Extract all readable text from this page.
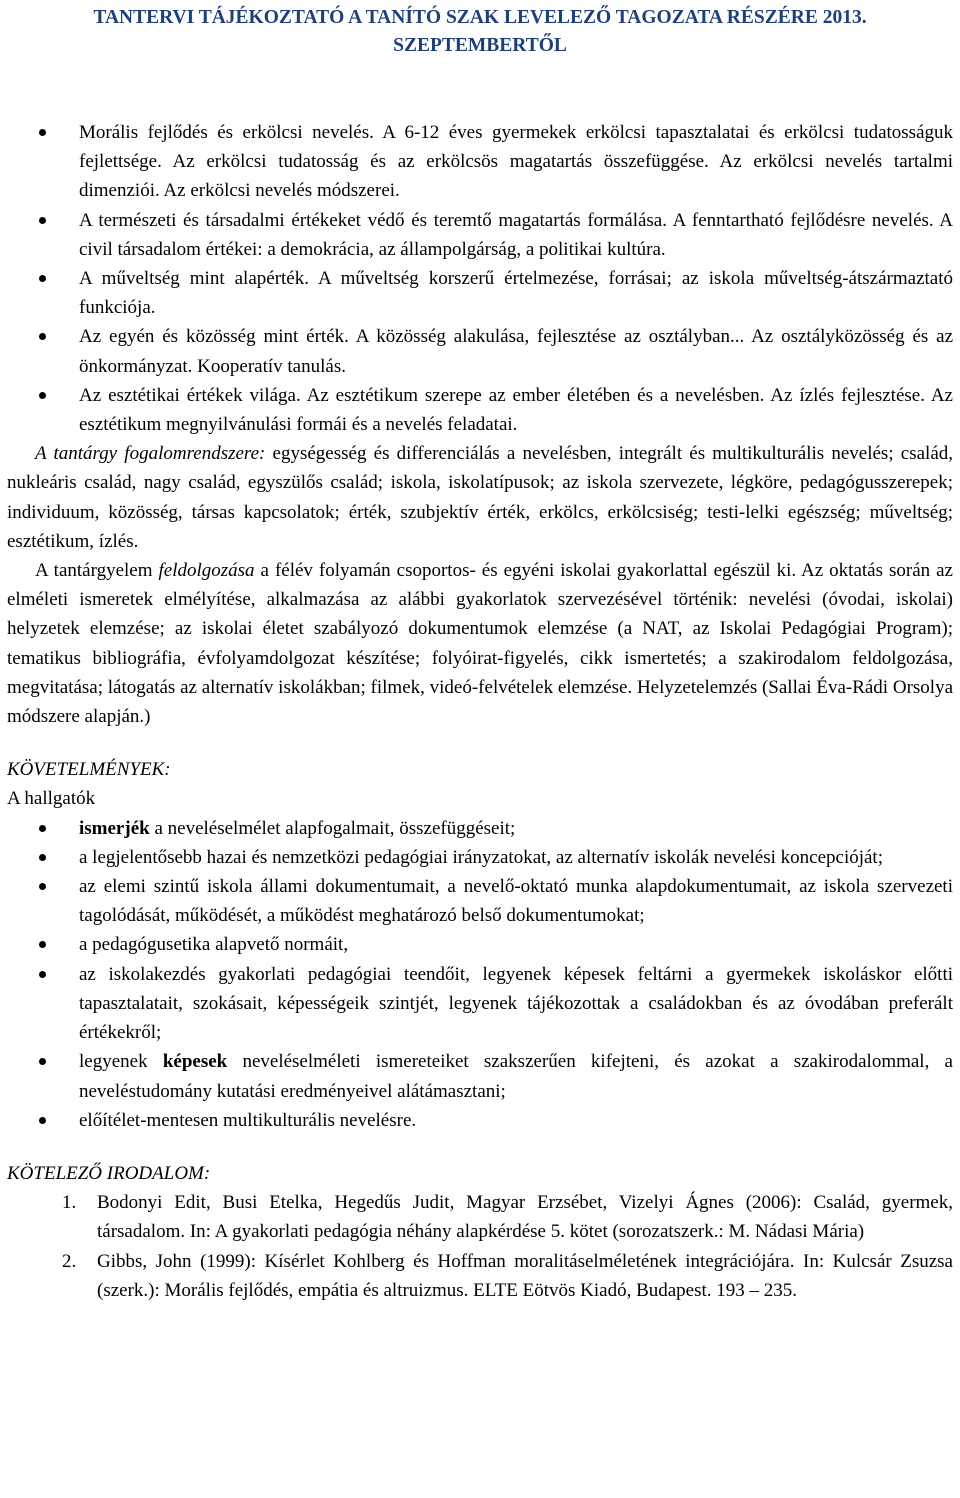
TANTERVI TÁJÉKOZTATÓ A TANÍTÓ SZAK LEVELEZŐ TAGOZATA RÉSZÉRE 2013.
SZEPTEMBERTŐL
Morális fejlődés és erkölcsi nevelés. A 6-12 éves gyermekek erkölcsi tapasztalatai és erkölcsi tudatosságuk fejlettsége. Az erkölcsi tudatosság és az erkölcsös magatartás összefüggése. Az erkölcsi nevelés tartalmi dimenziói. Az erkölcsi nevelés módszerei.
A természeti és társadalmi értékeket védő és teremtő magatartás formálása. A fenntartható fejlődésre nevelés. A civil társadalom értékei: a demokrácia, az állampolgárság, a politikai kultúra.
A műveltség mint alapérték. A műveltség korszerű értelmezése, forrásai; az iskola műveltség-átszármaztató funkciója.
Az egyén és közösség mint érték. A közösség alakulása, fejlesztése az osztályban... Az osztályközösség és az önkormányzat. Kooperatív tanulás.
Az esztétikai értékek világa. Az esztétikum szerepe az ember életében és a nevelésben. Az ízlés fejlesztése. Az esztétikum megnyilvánulási formái és a nevelés feladatai.

A tantárgy fogalomrendszere: egységesség és differenciálás a nevelésben, integrált és multikulturális nevelés; család, nukleáris család, nagy család, egyszülős család; iskola, iskolatípusok; az iskola szervezete, légköre, pedagógusszerepek; individuum, közösség, társas kapcsolatok; érték, szubjektív érték, erkölcs, erkölcsiség; testi-lelki egészség; műveltség; esztétikum, ízlés.

A tantárgyelem feldolgozása a félév folyamán csoportos- és egyéni iskolai gyakorlattal egészül ki. Az oktatás során az elméleti ismeretek elmélyítése, alkalmazása az alábbi gyakorlatok szervezésével történik: nevelési (óvodai, iskolai) helyzetek elemzése; az iskolai életet szabályozó dokumentumok elemzése (a NAT, az Iskolai Pedagógiai Program); tematikus bibliográfia, évfolyamdolgozat készítése; folyóirat-figyelés, cikk ismertetés; a szakirodalom feldolgozása, megvitatása; látogatás az alternatív iskolákban; filmek, videó-felvételek elemzése. Helyzetelemzés (Sallai Éva-Rádi Orsolya módszere alapján.)

KÖVETELMÉNYEK:

A hallgatók

ismerjék a neveléselmélet alapfogalmait, összefüggéseit;
a legjelentősebb hazai és nemzetközi pedagógiai irányzatokat, az alternatív iskolák nevelési koncepcióját;
az elemi szintű iskola állami dokumentumait, a nevelő-oktató munka alapdokumentumait, az iskola szervezeti tagolódását, működését, a működést meghatározó belső dokumentumokat;
a pedagógusetika alapvető normáit,
az iskolakezdés gyakorlati pedagógiai teendőit, legyenek képesek feltárni a gyermekek iskoláskor előtti tapasztalatait, szokásait, képességeik szintjét, legyenek tájékozottak a családokban és az óvodában preferált értékekről;
legyenek képesek neveléselméleti ismereteiket szakszerűen kifejteni, és azokat a szakirodalommal, a neveléstudomány kutatási eredményeivel alátámasztani;
előítélet-mentesen multikulturális nevelésre.

KÖTELEZŐ IRODALOM:

1. Bodonyi Edit, Busi Etelka, Hegedűs Judit, Magyar Erzsébet, Vizelyi Ágnes (2006): Család, gyermek, társadalom. In: A gyakorlati pedagógia néhány alapkérdése 5. kötet (sorozatszerk.: M. Nádasi Mária)
2. Gibbs, John (1999): Kísérlet Kohlberg és Hoffman moralitáselméletének integrációjára. In: Kulcsár Zsuzsa (szerk.): Morális fejlődés, empátia és altruizmus. ELTE Eötvös Kiadó, Budapest. 193 – 235.
